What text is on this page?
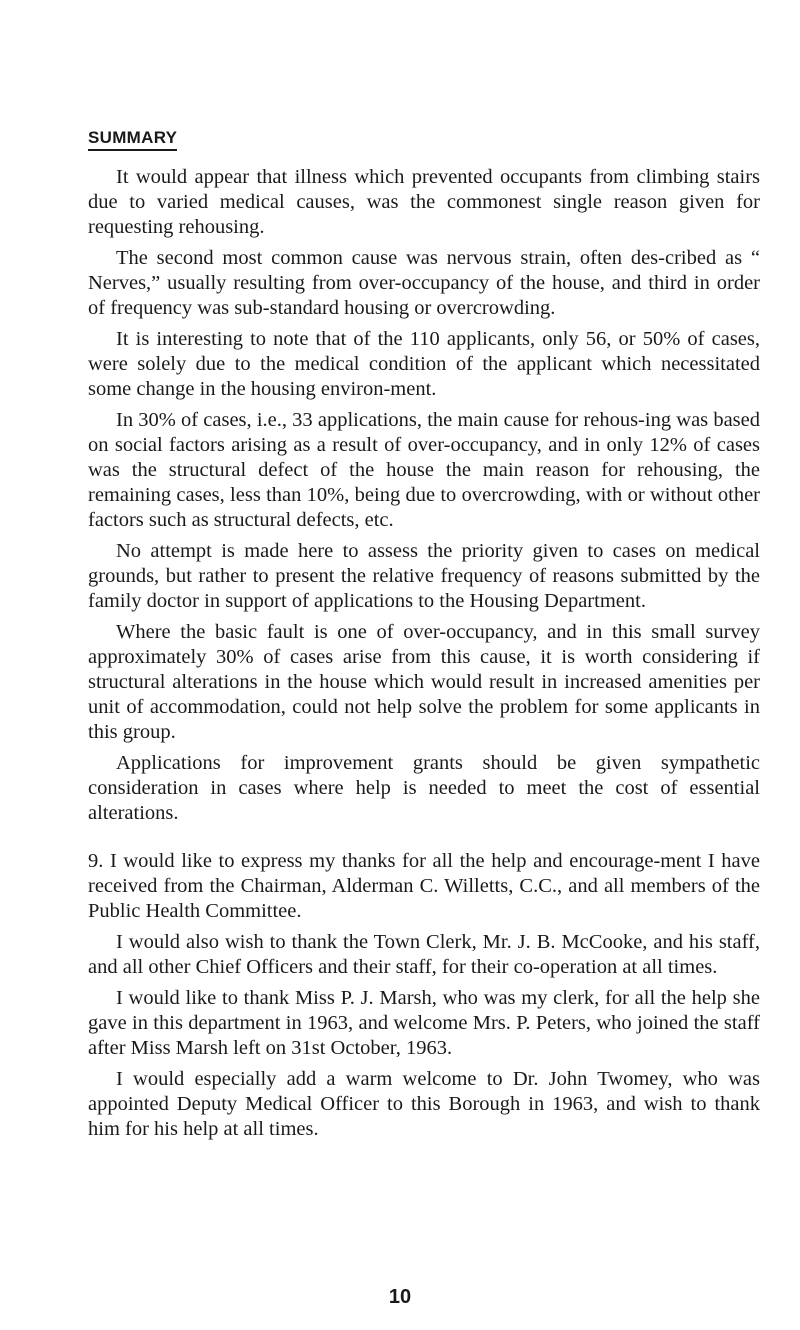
SUMMARY

It would appear that illness which prevented occupants from climbing stairs due to varied medical causes, was the commonest single reason given for requesting rehousing.

The second most common cause was nervous strain, often des-cribed as “ Nerves,” usually resulting from over-occupancy of the house, and third in order of frequency was sub-standard housing or overcrowding.

It is interesting to note that of the 110 applicants, only 56, or 50% of cases, were solely due to the medical condition of the applicant which necessitated some change in the housing environ-ment.

In 30% of cases, i.e., 33 applications, the main cause for rehous-ing was based on social factors arising as a result of over-occupancy, and in only 12% of cases was the structural defect of the house the main reason for rehousing, the remaining cases, less than 10%, being due to overcrowding, with or without other factors such as structural defects, etc.

No attempt is made here to assess the priority given to cases on medical grounds, but rather to present the relative frequency of reasons submitted by the family doctor in support of applications to the Housing Department.

Where the basic fault is one of over-occupancy, and in this small survey approximately 30% of cases arise from this cause, it is worth considering if structural alterations in the house which would result in increased amenities per unit of accommodation, could not help solve the problem for some applicants in this group.

Applications for improvement grants should be given sympathetic consideration in cases where help is needed to meet the cost of essential alterations.

9. I would like to express my thanks for all the help and encourage-ment I have received from the Chairman, Alderman C. Willetts, C.C., and all members of the Public Health Committee.

I would also wish to thank the Town Clerk, Mr. J. B. McCooke, and his staff, and all other Chief Officers and their staff, for their co-operation at all times.

I would like to thank Miss P. J. Marsh, who was my clerk, for all the help she gave in this department in 1963, and welcome Mrs. P. Peters, who joined the staff after Miss Marsh left on 31st October, 1963.

I would especially add a warm welcome to Dr. John Twomey, who was appointed Deputy Medical Officer to this Borough in 1963, and wish to thank him for his help at all times.

10
